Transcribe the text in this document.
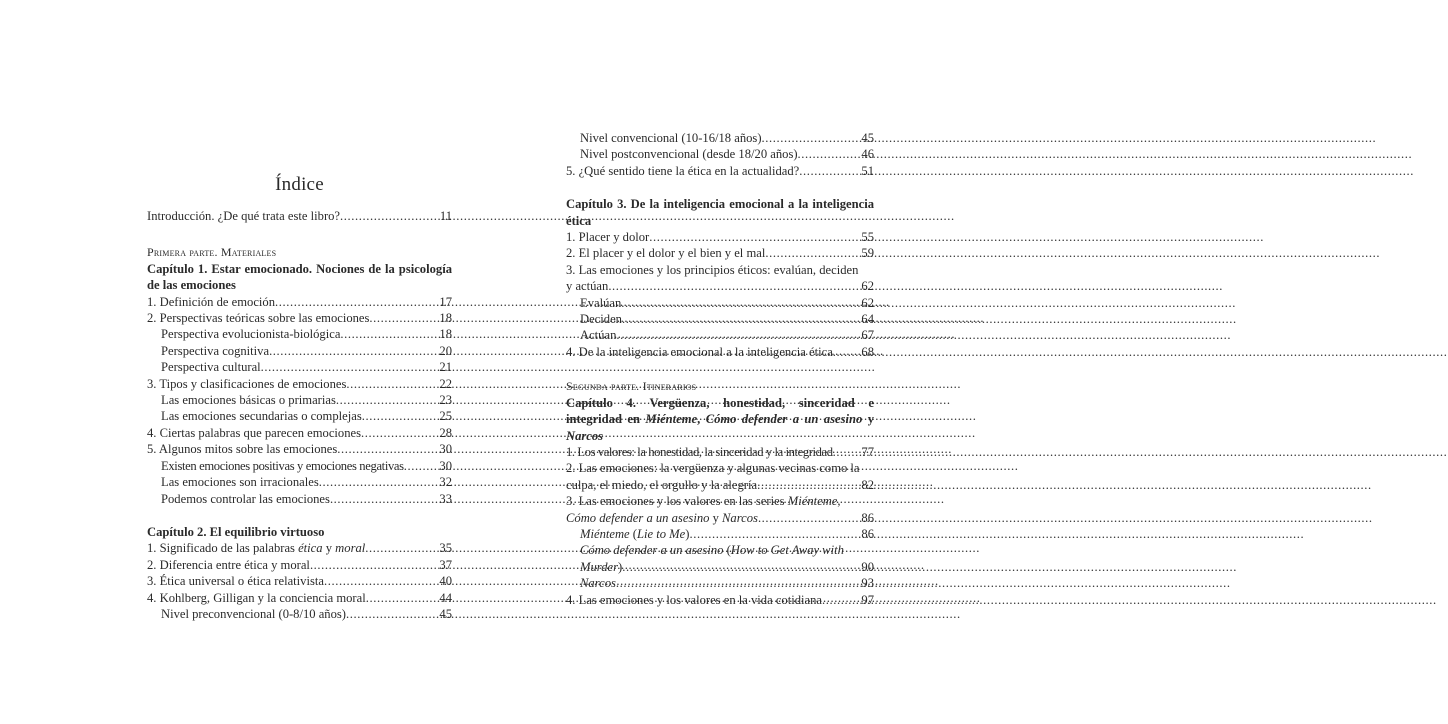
Índice
Introducción. ¿De qué trata este libro? .....	11
Primera parte. Materiales
Capítulo 1. Estar emocionado. Nociones de la psicología de las emociones
1. Definición de emoción .....	17
2. Perspectivas teóricas sobre las emociones .....	18
Perspectiva evolucionista-biológica .....	18
Perspectiva cognitiva .....	20
Perspectiva cultural .....	21
3. Tipos y clasificaciones de emociones .....	22
Las emociones básicas o primarias .....	23
Las emociones secundarias o complejas .....	25
4. Ciertas palabras que parecen emociones .....	28
5. Algunos mitos sobre las emociones .....	30
Existen emociones positivas y emociones negativas .....	30
Las emociones son irracionales .....	32
Podemos controlar las emociones .....	33
Capítulo 2. El equilibrio virtuoso
1. Significado de las palabras ética y moral .....	35
2. Diferencia entre ética y moral .....	37
3. Ética universal o ética relativista .....	40
4. Kohlberg, Gilligan y la conciencia moral .....	44
Nivel preconvencional (0-8/10 años) .....	45
Nivel convencional (10-16/18 años) .....	45
Nivel postconvencional (desde 18/20 años) .....	46
5. ¿Qué sentido tiene la ética en la actualidad? .....	51
Capítulo 3. De la inteligencia emocional a la inteligencia ética
1. Placer y dolor .....	55
2. El placer y el dolor y el bien y el mal .....	59
3. Las emociones y los principios éticos: evalúan, deciden
y actúan .....	62
Evalúan .....	62
Deciden .....	64
Actúan .....	67
4. De la inteligencia emocional a la inteligencia ética ..... 68
Segunda parte. Itinerarios
Capítulo 4. Vergüenza, honestidad, sinceridad e integridad en Miénteme, Cómo defender a un asesino y Narcos
1. Los valores: la honestidad, la sinceridad y la integridad ..... 77
2. Las emociones: la vergüenza y algunas vecinas como la
culpa, el miedo, el orgullo y la alegría .....	82
3. Las emociones y los valores en las series Miénteme,
Cómo defender a un asesino y Narcos .....	86
Miénteme (Lie to Me) .....	86
Cómo defender a un asesino (How to Get Away with
Murder) .....	90
Narcos .....	93
4. Las emociones y los valores en la vida cotidiana .....	97
